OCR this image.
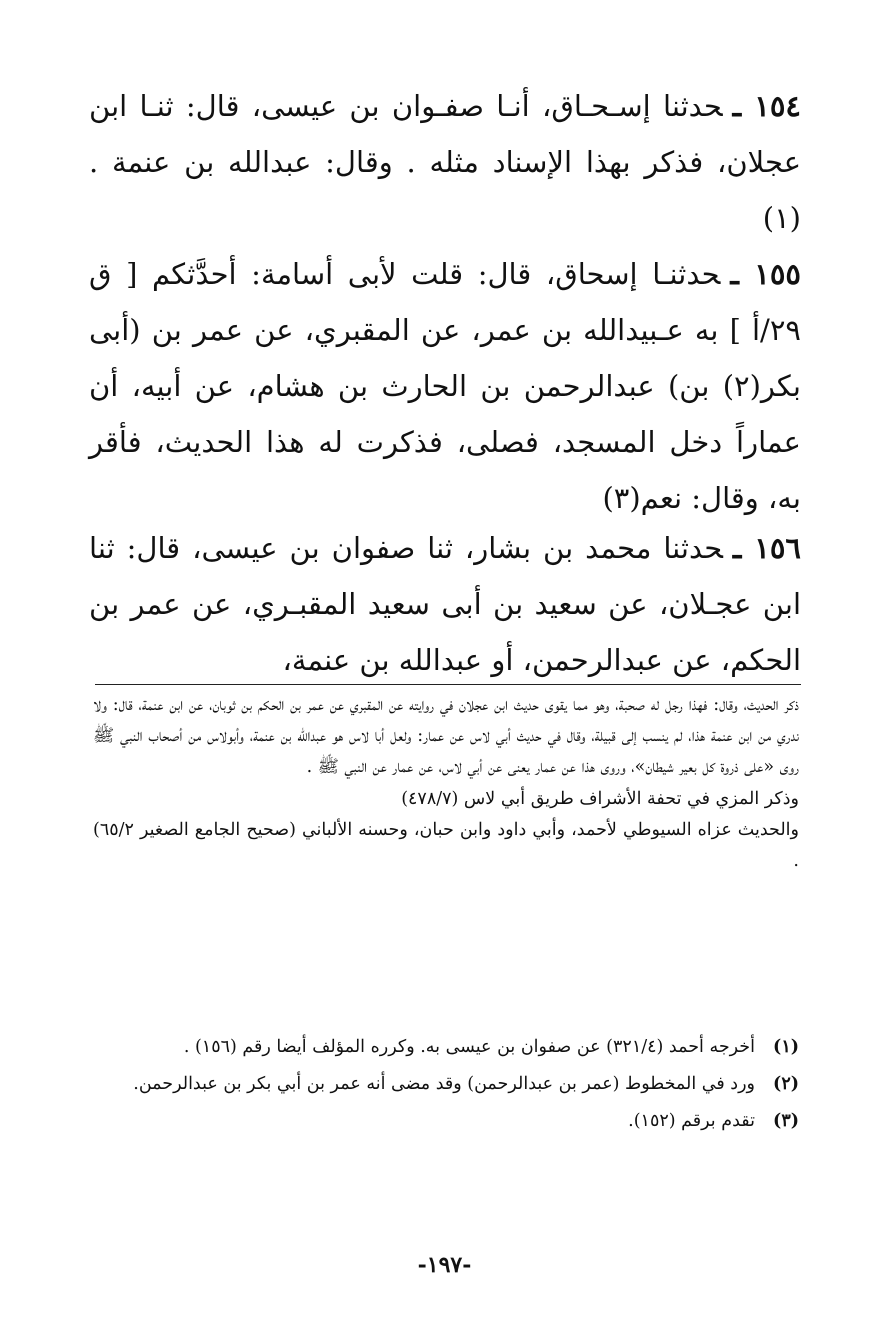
١٥٤ ـحدثنا إسـحـاق، أنـا صفـوان بن عيسى، قال: ثنـا ابن عجلان، فذكر بهذا الإسناد مثله . وقال: عبدالله بن عنمة . (١)
١٥٥ ـحدثنـا إسحاق، قال: قلت لأبى أسامة: أحدَّثكم [ ق ٢٩/أ ] به عـبيدالله بن عمر، عن المقبري، عن عمر بن (أبى بكر(٢) بن) عبدالرحمن بن الحارث بن هشام، عن أبيه، أن عماراً دخل المسجد، فصلى، فذكرت له هذا الحديث، فأقر به، وقال: نعم(٣)
١٥٦ ـحدثنا محمد بن بشار، ثنا صفوان بن عيسى، قال: ثنا ابن عجـلان، عن سعيد بن أبى سعيد المقبـري، عن عمر بن الحكم، عن عبدالرحمن، أو عبدالله بن عنمة،

ذكر الحديث، وقال: فهذا رجل له صحبة، وهو مما يقوى حديث ابن عجلان في روايته عن المقبري عن عمر بن الحكم بن ثوبان، عن ابن عنمة، قال: ولا ندري من ابن عنمة هذا، لم ينسب إلى قبيلة، وقال في حديث أبي لاس عن عمار: ولعل أبا لاس هو عبدالله بن عنمة، وأبولاس من أصحاب النبي ﷺ روى «على ذروة كل بعير شيطان»، وروى هذا عن عمار يعنى عن أبي لاس، عن عمار عن النبي ﷺ .

وذكر المزي في تحفة الأشراف طريق أبي لاس (٤٧٨/٧)

والحديث عزاه السيوطي لأحمد، وأبي داود وابن حبان، وحسنه الألباني (صحيح الجامع الصغير ٦٥/٢) .

(١)
أخرجه أحمد (٣٢١/٤) عن صفوان بن عيسى به. وكرره المؤلف أيضا رقم (١٥٦) .
(٢)
ورد في المخطوط (عمر بن عبدالرحمن) وقد مضى أنه عمر بن أبي بكر بن عبدالرحمن.
(٣)
تقدم برقم (١٥٢).
-١٩٧-
